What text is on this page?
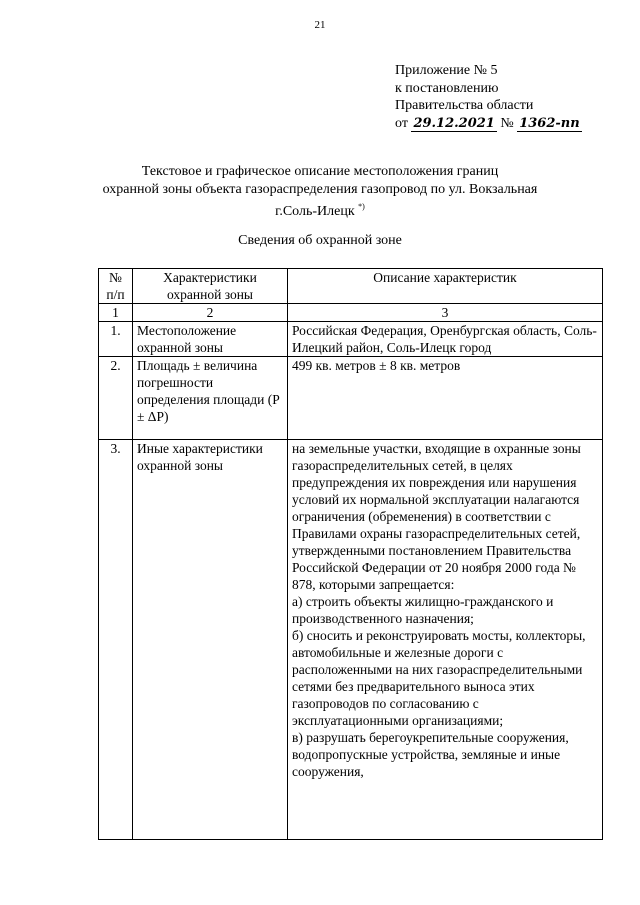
21
Приложение № 5
к постановлению
Правительства области
от 29.12.2021 № 1362-пп
Текстовое и графическое описание местоположения границ
охранной зоны объекта газораспределения газопровод по ул. Вокзальная
г.Соль-Илецк *)
Сведения об охранной зоне
№ п/п	Характеристики охранной зоны	Описание характеристик
1	2	3
1.	Местоположение охранной зоны	Российская Федерация, Оренбургская область, Соль-Илецкий район, Соль-Илецк город
2.	Площадь ± величина погрешности определения площади (Р ± ΔР)	499 кв. метров ± 8 кв. метров
3.	Иные характеристики охранной зоны	на земельные участки, входящие в охранные зоны газораспределительных сетей, в целях предупреждения их повреждения или нарушения условий их нормальной эксплуатации налагаются ограничения (обременения) в соответствии с Правилами охраны газораспределительных сетей, утвержденными постановлением Правительства Российской Федерации от 20 ноября 2000 года № 878, которыми запрещается:
а) строить объекты жилищно-гражданского и производственного назначения;
б) сносить и реконструировать мосты, коллекторы, автомобильные и железные дороги с расположенными на них газораспределительными сетями без предварительного выноса этих газопроводов по согласованию с эксплуатационными организациями;
в) разрушать берегоукрепительные сооружения, водопропускные устройства, земляные и иные сооружения,
